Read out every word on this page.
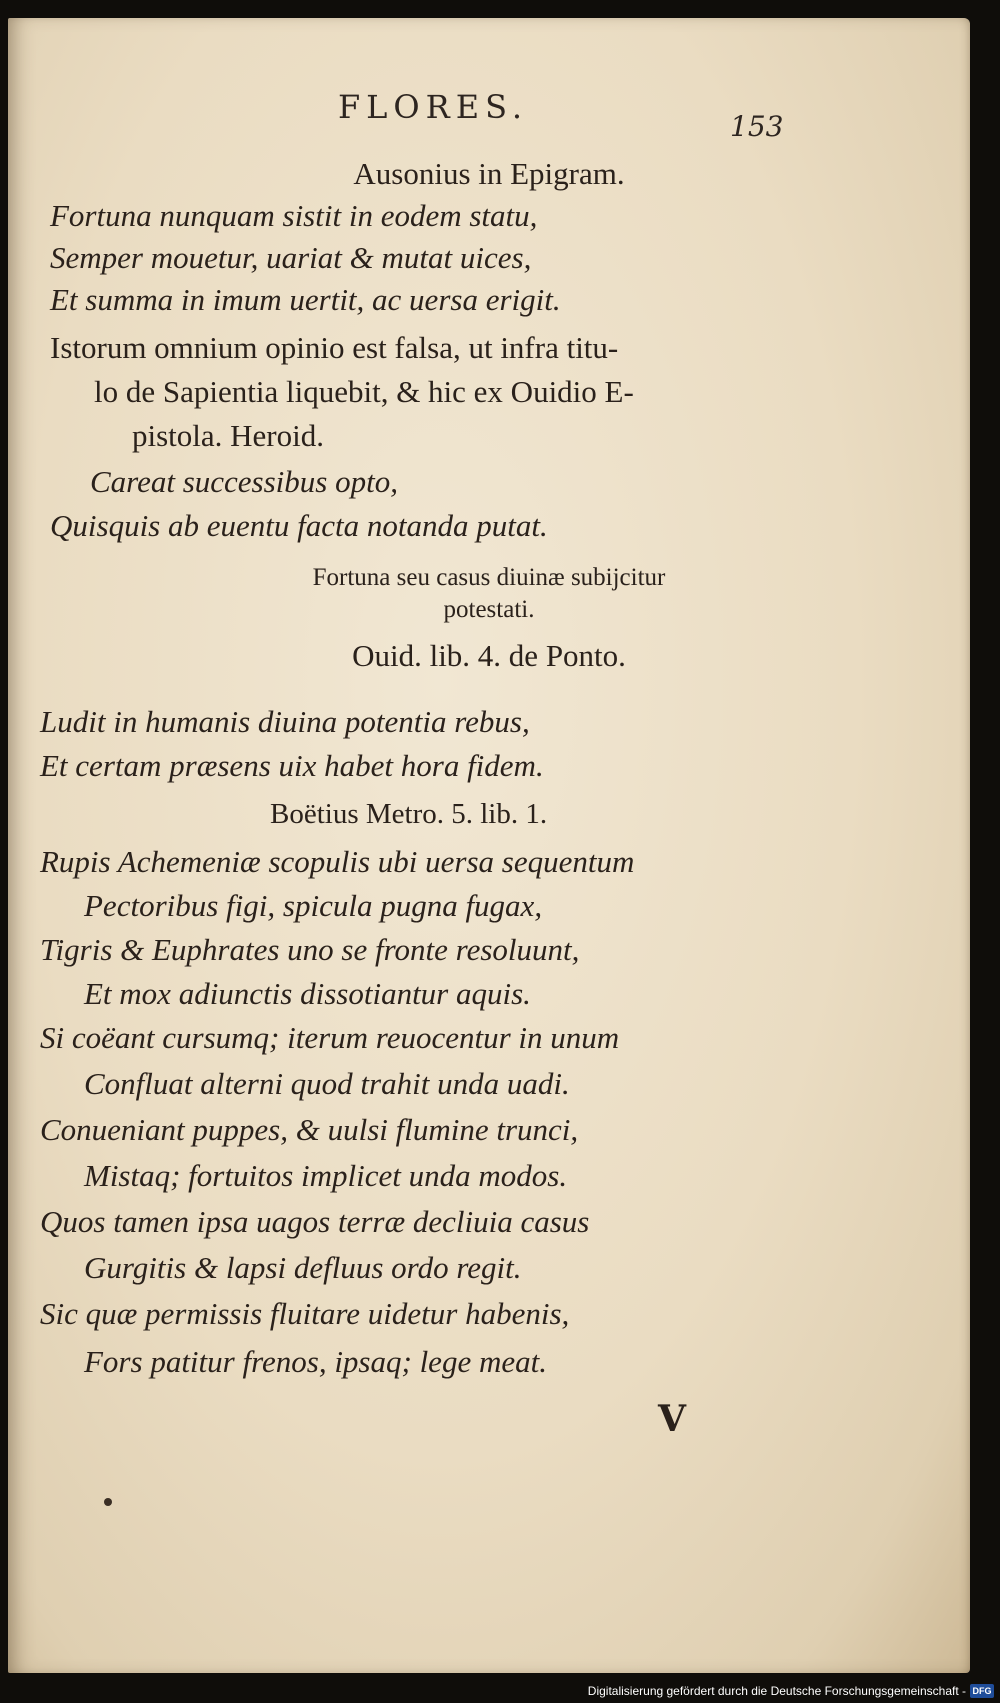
FLORES.
153
Ausonius in Epigram.
Fortuna nunquam sistit in eodem statu,
Semper mouetur, uariat & mutat uices,
Et summa in imum uertit, ac uersa erigit.
Istorum omnium opinio est falsa, ut infra titu-
lo de Sapientia liquebit, & hic ex Ouidio E-
pistola. Heroid.
Careat successibus opto,
Quisquis ab euentu facta notanda putat.
Fortuna seu casus diuinæ subijcitur
potestati.
Ouid. lib. 4. de Ponto.
Ludit in humanis diuina potentia rebus,
Et certam præsens uix habet hora fidem.
Boëtius Metro. 5. lib. 1.
Rupis Achemeniæ scopulis ubi uersa sequentum
Pectoribus figi, spicula pugna fugax,
Tigris & Euphrates uno se fronte resoluunt,
Et mox adiunctis dissotiantur aquis.
Si coëant cursumq; iterum reuocentur in unum
Confluat alterni quod trahit unda uadi.
Conueniant puppes, & uulsi flumine trunci,
Mistaq; fortuitos implicet unda modos.
Quos tamen ipsa uagos terræ decliuia casus
Gurgitis & lapsi defluus ordo regit.
Sic quæ permissis fluitare uidetur habenis,
Fors patitur frenos, ipsaq; lege meat.
V
Digitalisierung gefördert durch die Deutsche Forschungsgemeinschaft - DFG
